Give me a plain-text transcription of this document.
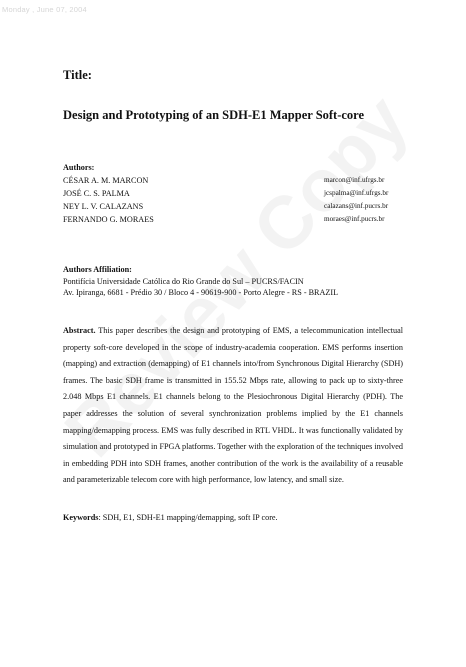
Monday , June 07, 2004
Title:
Design and Prototyping of an SDH-E1 Mapper Soft-core
Authors:
CÉSAR A. M. MARCON	marcon@inf.ufrgs.br
JOSÉ C. S. PALMA	jcspalma@inf.ufrgs.br
NEY L. V. CALAZANS	calazans@inf.pucrs.br
FERNANDO G. MORAES	moraes@inf.pucrs.br
Authors Affiliation:
Pontifícia Universidade Católica do Rio Grande do Sul – PUCRS/FACIN
Av. Ipiranga, 6681 - Prédio 30 / Bloco 4 - 90619-900 - Porto Alegre - RS - BRAZIL

Abstract. This paper describes the design and prototyping of EMS, a telecommunication intellectual property soft-core developed in the scope of industry-academia cooperation. EMS performs insertion (mapping) and extraction (demapping) of E1 channels into/from Synchronous Digital Hierarchy (SDH) frames. The basic SDH frame is transmitted in 155.52 Mbps rate, allowing to pack up to sixty-three 2.048 Mbps E1 channels. E1 channels belong to the Plesiochronous Digital Hierarchy (PDH). The paper addresses the solution of several synchronization problems implied by the E1 channels mapping/demapping process. EMS was fully described in RTL VHDL. It was functionally validated by simulation and prototyped in FPGA platforms. Together with the exploration of the techniques involved in embedding PDH into SDH frames, another contribution of the work is the availability of a reusable and parameterizable telecom core with high performance, low latency, and small size.

Keywords: SDH, E1, SDH-E1 mapping/demapping, soft IP core.
